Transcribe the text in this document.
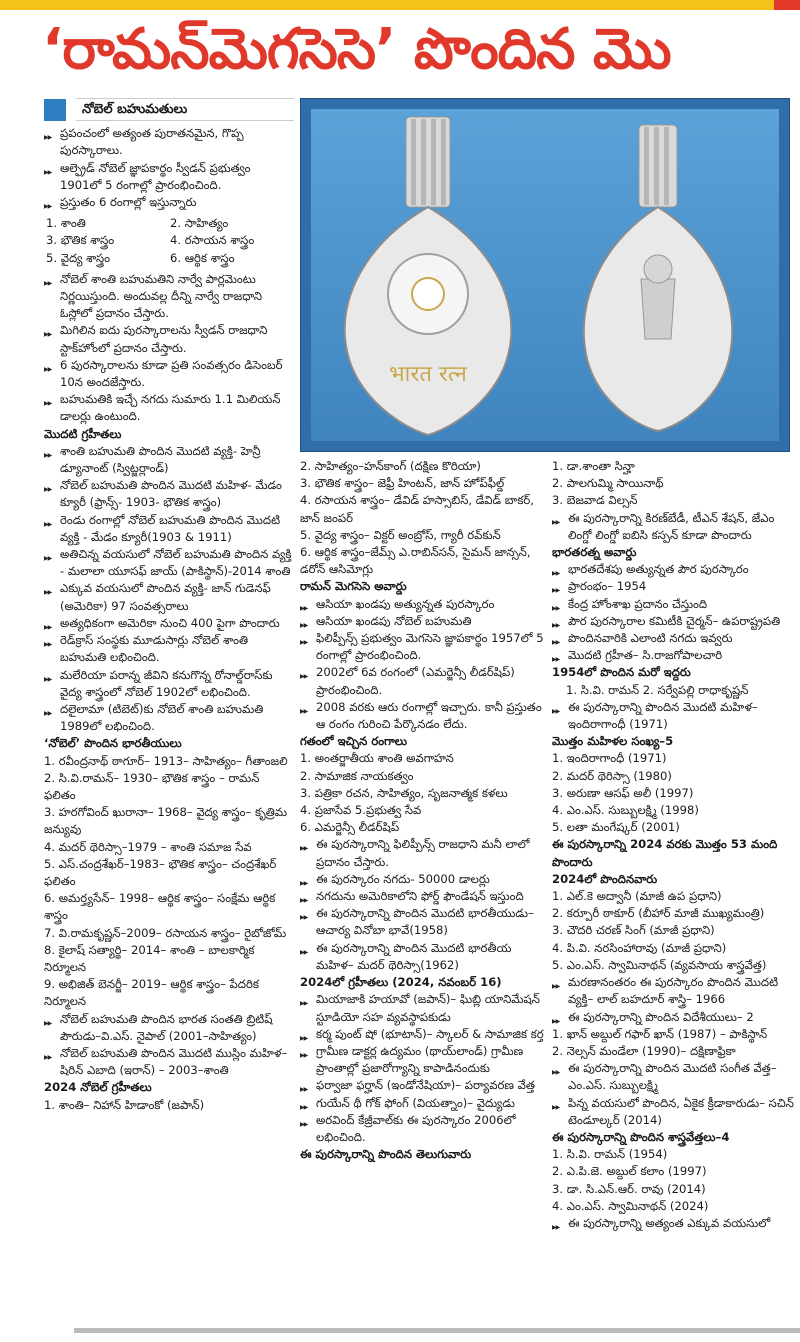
‘రామన్‌మెగసెసె’ పొందిన మొ
भारत रत्न
నోబెల్ బహుమతులు
▶▶ ప్రపంచంలో అత్యంత పురాతనమైన, గొప్ప పురస్కారాలు.
▶▶ ఆల్ఫ్రెడ్ నోబెల్ జ్ఞాపకార్థం స్వీడన్ ప్రభుత్వం 1901లో 5 రంగాల్లో ప్రారంభించింది.
▶▶ ప్రస్తుతం 6 రంగాల్లో ఇస్తున్నారు
1. శాంతి	2. సాహిత్యం
3. భౌతిక శాస్త్రం	4. రసాయన శాస్త్రం
5. వైద్య శాస్త్రం	6. ఆర్థిక శాస్త్రం
▶▶ నోబెల్ శాంతి బహుమతిని నార్వే పార్లమెంటు నిర్ణయిస్తుంది. అందువల్ల దీన్ని నార్వే రాజధాని ఓస్లోలో ప్రదానం చేస్తారు.
▶▶ మిగిలిన ఐదు పురస్కారాలను స్వీడన్ రాజధాని స్టాక్‌హోంలో ప్రదానం చేస్తారు.
▶▶ 6 పురస్కారాలను కూడా ప్రతి సంవత్సరం డిసెంబర్ 10న అందజేస్తారు.
▶▶ బహుమతికి ఇచ్చే నగదు సుమారు 1.1 మిలియన్ డాలర్లు ఉంటుంది.
మొదటి గ్రహీతలు
▶▶ శాంతి బహుమతి పొందిన మొదటి వ్యక్తి- హెన్రీ డ్యూనాంట్ (స్విట్జర్లాండ్)
▶▶ నోబెల్ బహుమతి పొందిన మొదటి మహిళ- మేడం క్యూరీ (ఫ్రాన్స్- 1903- భౌతిక శాస్త్రం)
▶▶ రెండు రంగాల్లో నోబెల్ బహుమతి పొందిన మొదటి వ్యక్తి - మేడం క్యూరీ(1903 & 1911)
▶▶ అతిచిన్న వయసులో నోబెల్ బహుమతి పొందిన వ్యక్తి - మలాలా యూసఫ్ జాయ్ (పాకిస్థాన్)-2014 శాంతి
▶▶ ఎక్కువ వయసులో పొందిన వ్యక్తి- జాన్ గుడెనఫ్ (అమెరికా) 97 సంవత్సరాలు
▶▶ అత్యధికంగా అమెరికా నుంచి 400 పైగా పొందారు
▶▶ రెడ్‌క్రాస్ సంస్థకు మూడుసార్లు నోబెల్ శాంతి బహుమతి లభించింది.
▶▶ మలేరియా పరాన్న జీవిని కనుగొన్న రోనాల్డ్‌రాస్‌కు వైద్య శాస్త్రంలో నోబెల్ 1902లో లభించింది.
▶▶ దలైలామా (టిబెట్)కు నోబెల్ శాంతి బహుమతి 1989లో లభించింది.
‘నోబెల్’ పొందిన భారతీయులు
1. రవీంద్రనాథ్ ఠాగూర్– 1913– సాహిత్యం– గీతాంజలి
2. సి.వి.రామన్– 1930– భౌతిక శాస్త్రం – రామన్ ఫలితం
3. హరగోవింద్ ఖురానా– 1968– వైద్య శాస్త్రం– కృత్రిమ జన్యువు
4. మదర్ థెరిస్సా–1979 – శాంతి సమాజ సేవ
5. ఎస్.చంద్రశేఖర్–1983– భౌతిక శాస్త్రం– చంద్రశేఖర్ ఫలితం
6. అమర్త్యసేన్– 1998– ఆర్థిక శాస్త్రం– సంక్షేమ ఆర్థిక శాస్త్రం
7. వి.రామకృష్ణన్–2009– రసాయన శాస్త్రం– రైబోజోమ్
8. కైలాష్ సత్యార్థి– 2014– శాంతి – బాలకార్మిక నిర్మూలన
9. అభిజిత్ బెనర్జీ– 2019– ఆర్థిక శాస్త్రం– పేదరిక నిర్మూలన
▶▶ నోబెల్ బహుమతి పొందిన భారత సంతతి బ్రిటిష్ పౌరుడు–వి.ఎస్. నైపాల్ (2001–సాహిత్యం)
▶▶ నోబెల్ బహుమతి పొందిన మొదటి ముస్లిం మహిళ– షిరిన్ ఎబాది (ఇరాన్) – 2003–శాంతి
2024 నోబెల్ గ్రహీతలు
1. శాంతి– నిహాన్ హిడాంకో (జపాన్)
2. సాహిత్యం–హన్‌కాంగ్ (దక్షిణ కొరియా)
3. భౌతిక శాస్త్రం– జెఫ్రీ హింటన్, జాన్ హోప్‌ఫీల్డ్
4. రసాయన శాస్త్రం– డేవిడ్ హస్సాబిస్, డేవిడ్ బాకర్, జాన్ జంపర్
5. వైద్య శాస్త్రం– విక్టర్ అంబ్రోస్, గ్యారీ రవ్‌కున్
6. ఆర్థిక శాస్త్రం–జేమ్స్ ఎ.రాబిన్‌సన్, సైమన్ జాన్సన్, డరోన్ ఆసిమోగ్లు
రామన్ మెగసెసె అవార్డు
▶▶ ఆసియా ఖండపు అత్యున్నత పురస్కారం
▶▶ ఆసియా ఖండపు నోబెల్ బహుమతి
▶▶ ఫిలిప్పీన్స్ ప్రభుత్వం మెగసెసె జ్ఞాపకార్థం 1957లో 5 రంగాల్లో ప్రారంభించింది.
▶▶ 2002లో 6వ రంగంలో (ఎమర్జెన్సీ లీడర్‌షిప్) ప్రారంభించింది.
▶▶ 2008 వరకు ఆరు రంగాల్లో ఇచ్చారు. కానీ ప్రస్తుతం ఆ రంగం గురించి పేర్కొనడం లేదు.
గతంలో ఇచ్చిన రంగాలు
1. అంతర్జాతీయ శాంతి అవగాహన
2. సామాజిక నాయకత్వం
3. పత్రికా రచన, సాహిత్యం, సృజనాత్మక కళలు
4. ప్రజాసేవ 5.ప్రభుత్వ సేవ
6. ఎమర్జెన్సీ లీడర్‌షిప్
▶▶ ఈ పురస్కారాన్ని ఫిలిప్పీన్స్ రాజధాని మనీ లాలో ప్రదానం చేస్తారు.
▶▶ ఈ పురస్కారం నగదు- 50000 డాలర్లు
▶▶ నగదును అమెరికాలోని ఫోర్డ్ ఫౌండేషన్ ఇస్తుంది
▶▶ ఈ పురస్కారాన్ని పొందిన మొదటి భారతీయుడు– ఆచార్య వినోబా భావే(1958)
▶▶ ఈ పురస్కారాన్ని పొందిన మొదటి భారతీయ మహిళ– మదర్ థెరిస్సా(1962)
2024లో గ్రహీతలు (2024, నవంబర్ 16)
▶▶ మియాజాకి హయావో (జపాన్)– ఘిబ్లి యానిమేషన్ స్టూడియో సహ వ్యవస్థాపకుడు
▶▶ కర్మ పుంట్ షో (భూటాన్)– స్కాలర్ & సామాజిక కర్త
▶▶ గ్రామీణ డాక్టర్ల ఉద్యమం (థాయ్‌లాండ్) గ్రామీణ ప్రాంతాల్లో ప్రజారోగ్యాన్ని కాపాడినందుకు
▶▶ ఫర్వాజా ఫర్హాన్ (ఇండోనేషియా)– పర్యావరణ వేత్త
▶▶ గుయేన్ థీ గోక్ ఫోంగ్ (వియత్నాం)– వైద్యుడు
▶▶ అరవింద్ కేజ్రీవాల్‌కు ఈ పురస్కారం 2006లో లభించింది.
ఈ పురస్కారాన్ని పొందిన తెలుగువారు
1. డా.శాంతా సిన్హా
2. పాలగుమ్మి సాయినాథ్
3. బెజవాడ విల్సన్
▶▶ ఈ పురస్కారాన్ని కిరణ్‌బేడీ, టీఎన్ శేషన్, జేఎం లింగ్డో లింగ్డో ఐబిసి కస్పన్ కూడా పొందారు
భారతరత్న అవార్డు
▶▶ భారతదేశపు అత్యున్నత పౌర పురస్కారం
▶▶ ప్రారంభం– 1954
▶▶ కేంద్ర హోంశాఖ ప్రదానం చేస్తుంది
▶▶ పౌర పురస్కారాల కమిటీకి చైర్మన్– ఉపరాష్ట్రపతి
▶▶ పొందినవారికి ఎలాంటి నగదు ఇవ్వరు
▶▶ మొదటి గ్రహీత– సి.రాజగోపాలచారి
1954లో పొందిన మరో ఇద్దరు
1. సి.వి. రామన్ 2. సర్వేపల్లి రాధాకృష్ణన్
▶▶ ఈ పురస్కారాన్ని పొందిన మొదటి మహిళ– ఇందిరాగాంధీ (1971)
మొత్తం మహిళల సంఖ్య–5
1. ఇందిరాగాంధీ (1971)
2. మదర్ థెరిస్సా (1980)
3. అరుణా ఆసఫ్ అలీ (1997)
4. ఎం.ఎస్. సుబ్బులక్ష్మి (1998)
5. లతా మంగేష్కర్ (2001)
ఈ పురస్కారాన్ని 2024 వరకు మొత్తం 53 మంది పొందారు
2024లో పొందినవారు
1. ఎల్.కె అద్వానీ (మాజీ ఉప ప్రధాని)
2. కర్పూరీ ఠాకూర్ (బీహార్ మాజీ ముఖ్యమంత్రి)
3. చౌదరి చరణ్ సింగ్ (మాజీ ప్రధాని)
4. పి.వి. నరసింహారావు (మాజీ ప్రధాని)
5. ఎం.ఎస్. స్వామినాథన్ (వ్యవసాయ శాస్త్రవేత్త)
▶▶ మరణానంతరం ఈ పురస్కారం పొందిన మొదటి వ్యక్తి– లాల్ బహదూర్ శాస్త్రి– 1966
▶▶ ఈ పురస్కారాన్ని పొందిన విదేశీయులు– 2
1. ఖాన్ అబ్దుల్ గఫార్ ఖాన్ (1987) – పాకిస్థాన్
2. నెల్సన్ మండేలా (1990)– దక్షిణాఫ్రికా
▶▶ ఈ పురస్కారాన్ని పొందిన మొదటి సంగీత వేత్త– ఎం.ఎస్. సుబ్బులక్ష్మి
▶▶ పిన్న వయసులో పొందిన, ఏకైక క్రీడాకారుడు– సచిన్ టెండూల్కర్ (2014)
ఈ పురస్కారాన్ని పొందిన శాస్త్రవేత్తలు–4
1. సి.వి. రామన్ (1954)
2. ఎ.పి.జె. అబ్దుల్ కలాం (1997)
3. డా. సి.ఎన్.ఆర్. రావు (2014)
4. ఎం.ఎస్. స్వామినాథన్ (2024)
▶▶ ఈ పురస్కారాన్ని అత్యంత ఎక్కువ వయసులో
